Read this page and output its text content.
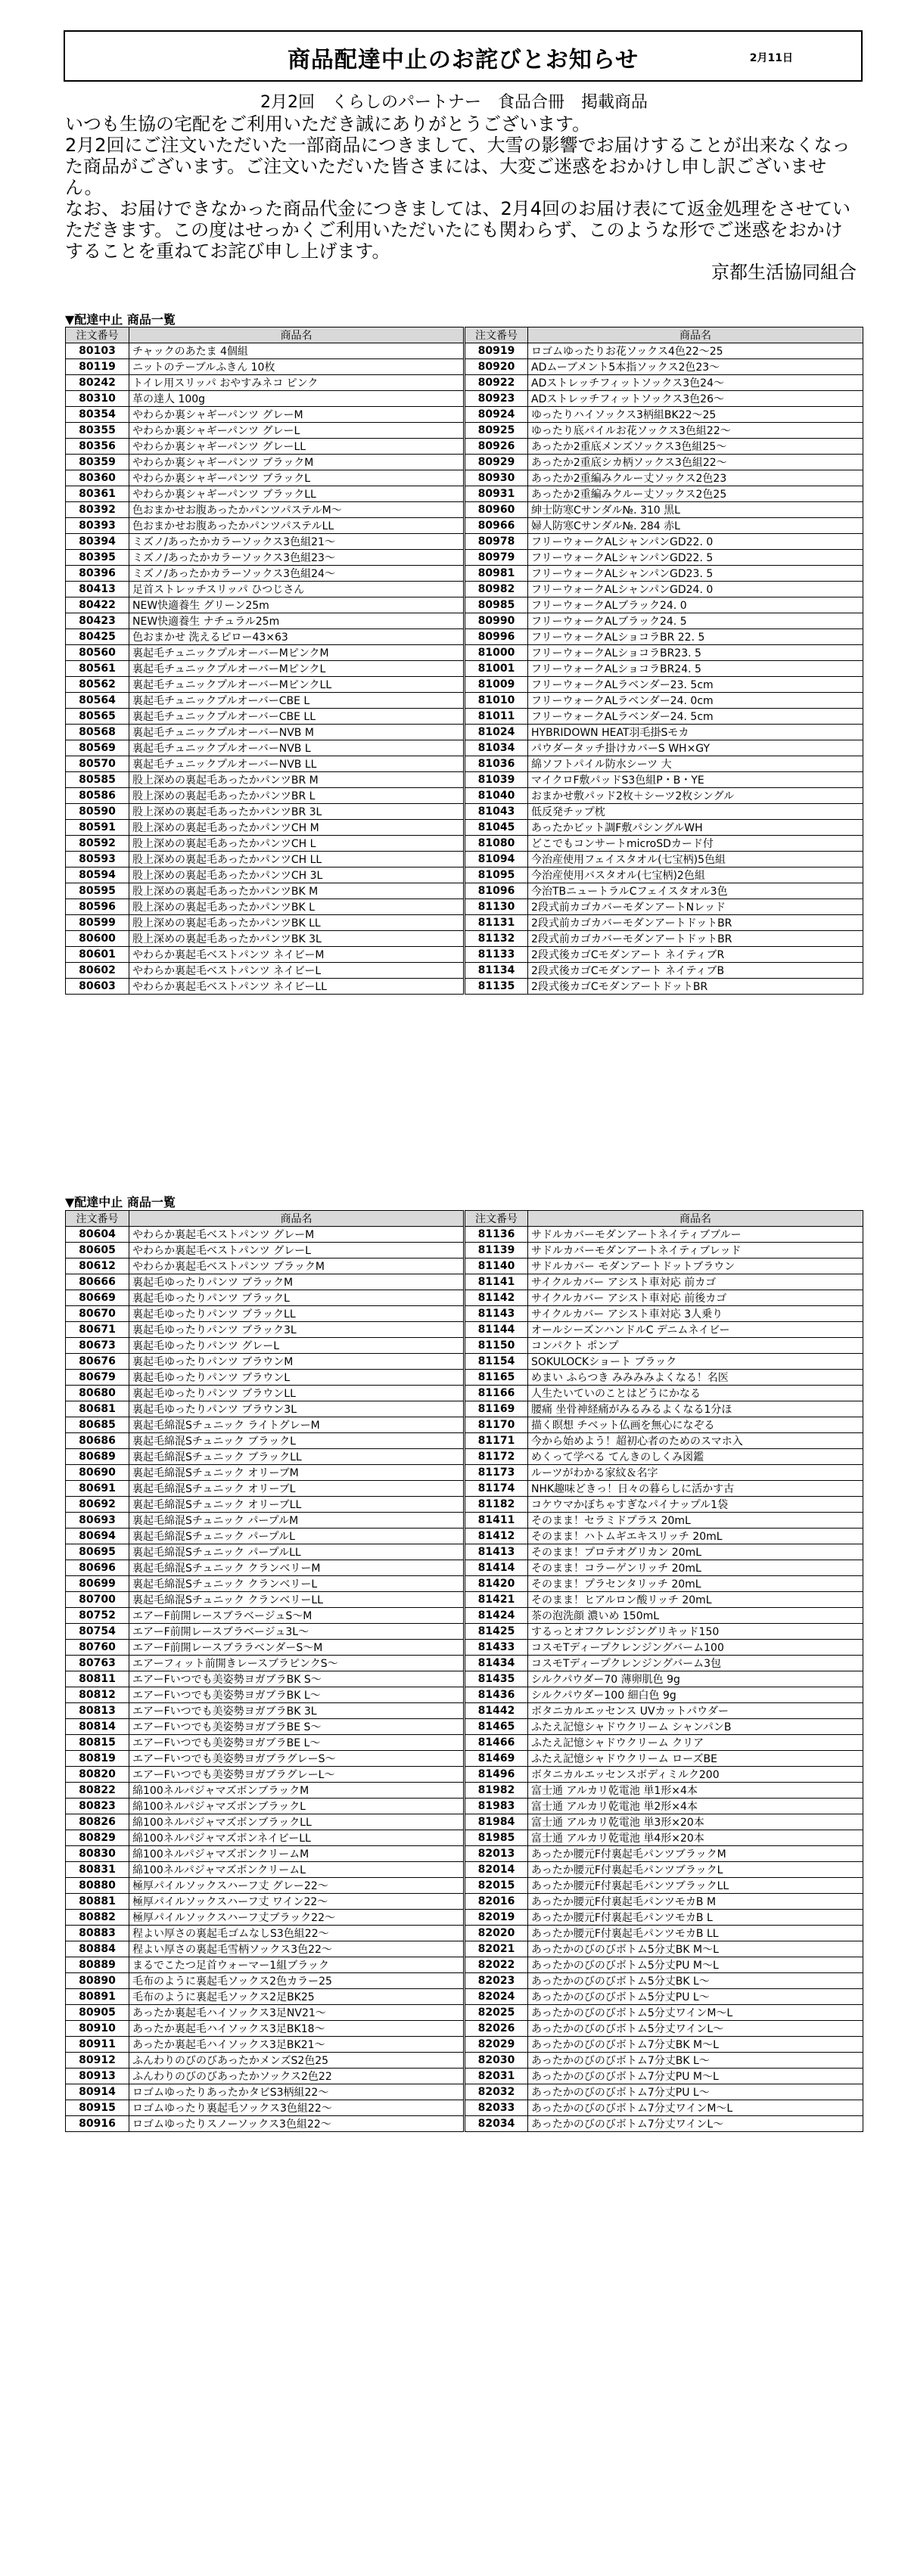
商品配達中止のお詫びとお知らせ	2月11日
2月2回　くらしのパートナー　食品合冊　掲載商品

いつも生協の宅配をご利用いただき誠にありがとうございます。

2月2回にご注文いただいた一部商品につきまして、大雪の影響でお届けすることが出来なくなった商品がございます。ご注文いただいた皆さまには、大変ご迷惑をおかけし申し訳ございません。

なお、お届けできなかった商品代金につきましては、2月4回のお届け表にて返金処理をさせていただきます。この度はせっかくご利用いただいたにも関わらず、このような形でご迷惑をおかけすることを重ねてお詫び申し上げます。

京都生活協同組合

▼配達中止 商品一覧
注文番号	商品名	注文番号	商品名
80103	チャックのあたま 4個組	80919	ロゴムゆったりお花ソックス4色22～25
80119	ニットのテーブルふきん 10枚	80920	ADムーブメント5本指ソックス2色23～
80242	トイレ用スリッパ おやすみネコ ピンク	80922	ADストレッチフィットソックス3色24～
80310	革の達人 100g	80923	ADストレッチフィットソックス3色26～
80354	やわらか裏シャギーパンツ グレーM	80924	ゆったりハイソックス3柄組BK22～25
80355	やわらか裏シャギーパンツ グレーL	80925	ゆったり底パイルお花ソックス3色組22～
80356	やわらか裏シャギーパンツ グレーLL	80926	あったか2重底メンズソックス3色組25～
80359	やわらか裏シャギーパンツ ブラックM	80929	あったか2重底シカ柄ソックス3色組22～
80360	やわらか裏シャギーパンツ ブラックL	80930	あったか2重編みクルー丈ソックス2色23
80361	やわらか裏シャギーパンツ ブラックLL	80931	あったか2重編みクルー丈ソックス2色25
80392	色おまかせお腹あったかパンツパステルM～	80960	紳士防寒Cサンダル№. 310 黒L
80393	色おまかせお腹あったかパンツパステルLL	80966	婦人防寒Cサンダル№. 284 赤L
80394	ミズノ/あったかカラーソックス3色組21～	80978	フリーウォークALシャンパンGD22. 0
80395	ミズノ/あったかカラーソックス3色組23～	80979	フリーウォークALシャンパンGD22. 5
80396	ミズノ/あったかカラーソックス3色組24～	80981	フリーウォークALシャンパンGD23. 5
80413	足首ストレッチスリッパ ひつじさん	80982	フリーウォークALシャンパンGD24. 0
80422	NEW快適養生 グリーン25m	80985	フリーウォークALブラック24. 0
80423	NEW快適養生 ナチュラル25m	80990	フリーウォークALブラック24. 5
80425	色おまかせ 洗えるピロー43×63	80996	フリーウォークALショコラBR 22. 5
80560	裏起毛チュニックプルオーバーMピンクM	81000	フリーウォークALショコラBR23. 5
80561	裏起毛チュニックプルオーバーMピンクL	81001	フリーウォークALショコラBR24. 5
80562	裏起毛チュニックプルオーバーMピンクLL	81009	フリーウォークALラベンダー23. 5cm
80564	裏起毛チュニックプルオーバーCBE L	81010	フリーウォークALラベンダー24. 0cm
80565	裏起毛チュニックプルオーバーCBE LL	81011	フリーウォークALラベンダー24. 5cm
80568	裏起毛チュニックプルオーバーNVB M	81024	HYBRIDOWN HEAT羽毛掛Sモカ
80569	裏起毛チュニックプルオーバーNVB L	81034	パウダータッチ掛けカバーS WH×GY
80570	裏起毛チュニックプルオーバーNVB LL	81036	綿ソフトパイル防水シーツ 大
80585	股上深めの裏起毛あったかパンツBR M	81039	マイクロF敷パッドS3色組P・B・YE
80586	股上深めの裏起毛あったかパンツBR L	81040	おまかせ敷パッド2枚＋シーツ2枚シングル
80590	股上深めの裏起毛あったかパンツBR 3L	81043	低反発チップ枕
80591	股上深めの裏起毛あったかパンツCH M	81045	あったかビット調F敷パシングルWH
80592	股上深めの裏起毛あったかパンツCH L	81080	どこでもコンサートmicroSDカード付
80593	股上深めの裏起毛あったかパンツCH LL	81094	今治産使用フェイスタオル(七宝柄)5色組
80594	股上深めの裏起毛あったかパンツCH 3L	81095	今治産使用バスタオル(七宝柄)2色組
80595	股上深めの裏起毛あったかパンツBK M	81096	今治TBニュートラルCフェイスタオル3色
80596	股上深めの裏起毛あったかパンツBK L	81130	2段式前カゴカバーモダンアートNレッド
80599	股上深めの裏起毛あったかパンツBK LL	81131	2段式前カゴカバーモダンアートドットBR
80600	股上深めの裏起毛あったかパンツBK 3L	81132	2段式前カゴカバーモダンアートドットBR
80601	やわらか裏起毛ベストパンツ ネイビーM	81133	2段式後カゴCモダンアート ネイティブR
80602	やわらか裏起毛ベストパンツ ネイビーL	81134	2段式後カゴCモダンアート ネイティブB
80603	やわらか裏起毛ベストパンツ ネイビーLL	81135	2段式後カゴCモダンアートドットBR
▼配達中止 商品一覧
注文番号	商品名	注文番号	商品名
80604	やわらか裏起毛ベストパンツ グレーM	81136	サドルカバーモダンアートネイティブブルー
80605	やわらか裏起毛ベストパンツ グレーL	81139	サドルカバーモダンアートネイティブレッド
80612	やわらか裏起毛ベストパンツ ブラックM	81140	サドルカバー モダンアートドットブラウン
80666	裏起毛ゆったりパンツ ブラックM	81141	サイクルカバー アシスト車対応 前カゴ
80669	裏起毛ゆったりパンツ ブラックL	81142	サイクルカバー アシスト車対応 前後カゴ
80670	裏起毛ゆったりパンツ ブラックLL	81143	サイクルカバー アシスト車対応 3人乗り
80671	裏起毛ゆったりパンツ ブラック3L	81144	オールシーズンハンドルC デニムネイビー
80673	裏起毛ゆったりパンツ グレーL	81150	コンパクト ポンプ
80676	裏起毛ゆったりパンツ ブラウンM	81154	SOKULOCKショート ブラック
80679	裏起毛ゆったりパンツ ブラウンL	81165	めまい ふらつき みみみみよくなる！名医
80680	裏起毛ゆったりパンツ ブラウンLL	81166	人生たいていのことはどうにかなる
80681	裏起毛ゆったりパンツ ブラウン3L	81169	腰痛 坐骨神経痛がみるみるよくなる1分ほ
80685	裏起毛綿混Sチュニック ライトグレーM	81170	描く瞑想 チベット仏画を無心になぞる
80686	裏起毛綿混Sチュニック ブラックL	81171	今から始めよう！超初心者のためのスマホ入
80689	裏起毛綿混Sチュニック ブラックLL	81172	めくって学べる てんきのしくみ図鑑
80690	裏起毛綿混Sチュニック オリーブM	81173	ルーツがわかる家紋＆名字
80691	裏起毛綿混Sチュニック オリーブL	81174	NHK趣味どきっ！日々の暮らしに活かす古
80692	裏起毛綿混Sチュニック オリーブLL	81182	コケウマかぼちゃすぎなパイナップル1袋
80693	裏起毛綿混Sチュニック パープルM	81411	そのまま！セラミドプラス 20mL
80694	裏起毛綿混Sチュニック パープルL	81412	そのまま！ハトムギエキスリッチ 20mL
80695	裏起毛綿混Sチュニック パープルLL	81413	そのまま！プロテオグリカン 20mL
80696	裏起毛綿混Sチュニック クランベリーM	81414	そのまま！コラーゲンリッチ 20mL
80699	裏起毛綿混Sチュニック クランベリーL	81420	そのまま！プラセンタリッチ 20mL
80700	裏起毛綿混Sチュニック クランベリーLL	81421	そのまま！ヒアルロン酸リッチ 20mL
80752	エアーF前開レースブラベージュS～M	81424	茶の泡洗顔 濃いめ 150mL
80754	エアーF前開レースブラベージュ3L～	81425	するっとオフクレンジングリキッド150
80760	エアーF前開レースブララベンダーS～M	81433	コスモTディープクレンジングバーム100
80763	エアーフィット前開きレースブラピンクS～	81434	コスモTディープクレンジングバーム3包
80811	エアーFいつでも美姿勢ヨガブラBK S～	81435	シルクパウダー70 薄卵肌色 9g
80812	エアーFいつでも美姿勢ヨガブラBK L～	81436	シルクパウダー100 細白色 9g
80813	エアーFいつでも美姿勢ヨガブラBK 3L	81442	ボタニカルエッセンス UVカットパウダー
80814	エアーFいつでも美姿勢ヨガブラBE S～	81465	ふたえ記憶シャドウクリーム シャンパンB
80815	エアーFいつでも美姿勢ヨガブラBE L～	81466	ふたえ記憶シャドウクリーム クリア
80819	エアーFいつでも美姿勢ヨガブラグレーS～	81469	ふたえ記憶シャドウクリーム ローズBE
80820	エアーFいつでも美姿勢ヨガブラグレーL～	81496	ボタニカルエッセンスボディミルク200
80822	綿100ネルパジャマズボンブラックM	81982	富士通 アルカリ乾電池 単1形×4本
80823	綿100ネルパジャマズボンブラックL	81983	富士通 アルカリ乾電池 単2形×4本
80826	綿100ネルパジャマズボンブラックLL	81984	富士通 アルカリ乾電池 単3形×20本
80829	綿100ネルパジャマズボンネイビーLL	81985	富士通 アルカリ乾電池 単4形×20本
80830	綿100ネルパジャマズボンクリームM	82013	あったか腰元F付裏起毛パンツブラックM
80831	綿100ネルパジャマズボンクリームL	82014	あったか腰元F付裏起毛パンツブラックL
80880	極厚パイルソックスハーフ丈 グレー22～	82015	あったか腰元F付裏起毛パンツブラックLL
80881	極厚パイルソックスハーフ丈 ワイン22～	82016	あったか腰元F付裏起毛パンツモカB M
80882	極厚パイルソックスハーフ丈ブラック22～	82019	あったか腰元F付裏起毛パンツモカB L
80883	程よい厚さの裏起毛ゴムなしS3色組22～	82020	あったか腰元F付裏起毛パンツモカB LL
80884	程よい厚さの裏起毛雪柄ソックス3色22～	82021	あったかのびのびボトム5分丈BK M～L
80889	まるでこたつ足首ウォーマー1組ブラック	82022	あったかのびのびボトム5分丈PU M～L
80890	毛布のように裏起毛ソックス2色カラー25	82023	あったかのびのびボトム5分丈BK L～
80891	毛布のように裏起毛ソックス2足BK25	82024	あったかのびのびボトム5分丈PU L～
80905	あったか裏起毛ハイソックス3足NV21～	82025	あったかのびのびボトム5分丈ワインM～L
80910	あったか裏起毛ハイソックス3足BK18～	82026	あったかのびのびボトム5分丈ワインL～
80911	あったか裏起毛ハイソックス3足BK21～	82029	あったかのびのびボトム7分丈BK M～L
80912	ふんわりのびのびあったかメンズS2色25	82030	あったかのびのびボトム7分丈BK L～
80913	ふんわりのびのびあったかソックス2色22	82031	あったかのびのびボトム7分丈PU M～L
80914	ロゴムゆったりあったかタビS3柄組22～	82032	あったかのびのびボトム7分丈PU L～
80915	ロゴムゆったり裏起毛ソックス3色組22～	82033	あったかのびのびボトム7分丈ワインM～L
80916	ロゴムゆったりスノーソックス3色組22～	82034	あったかのびのびボトム7分丈ワインL～
